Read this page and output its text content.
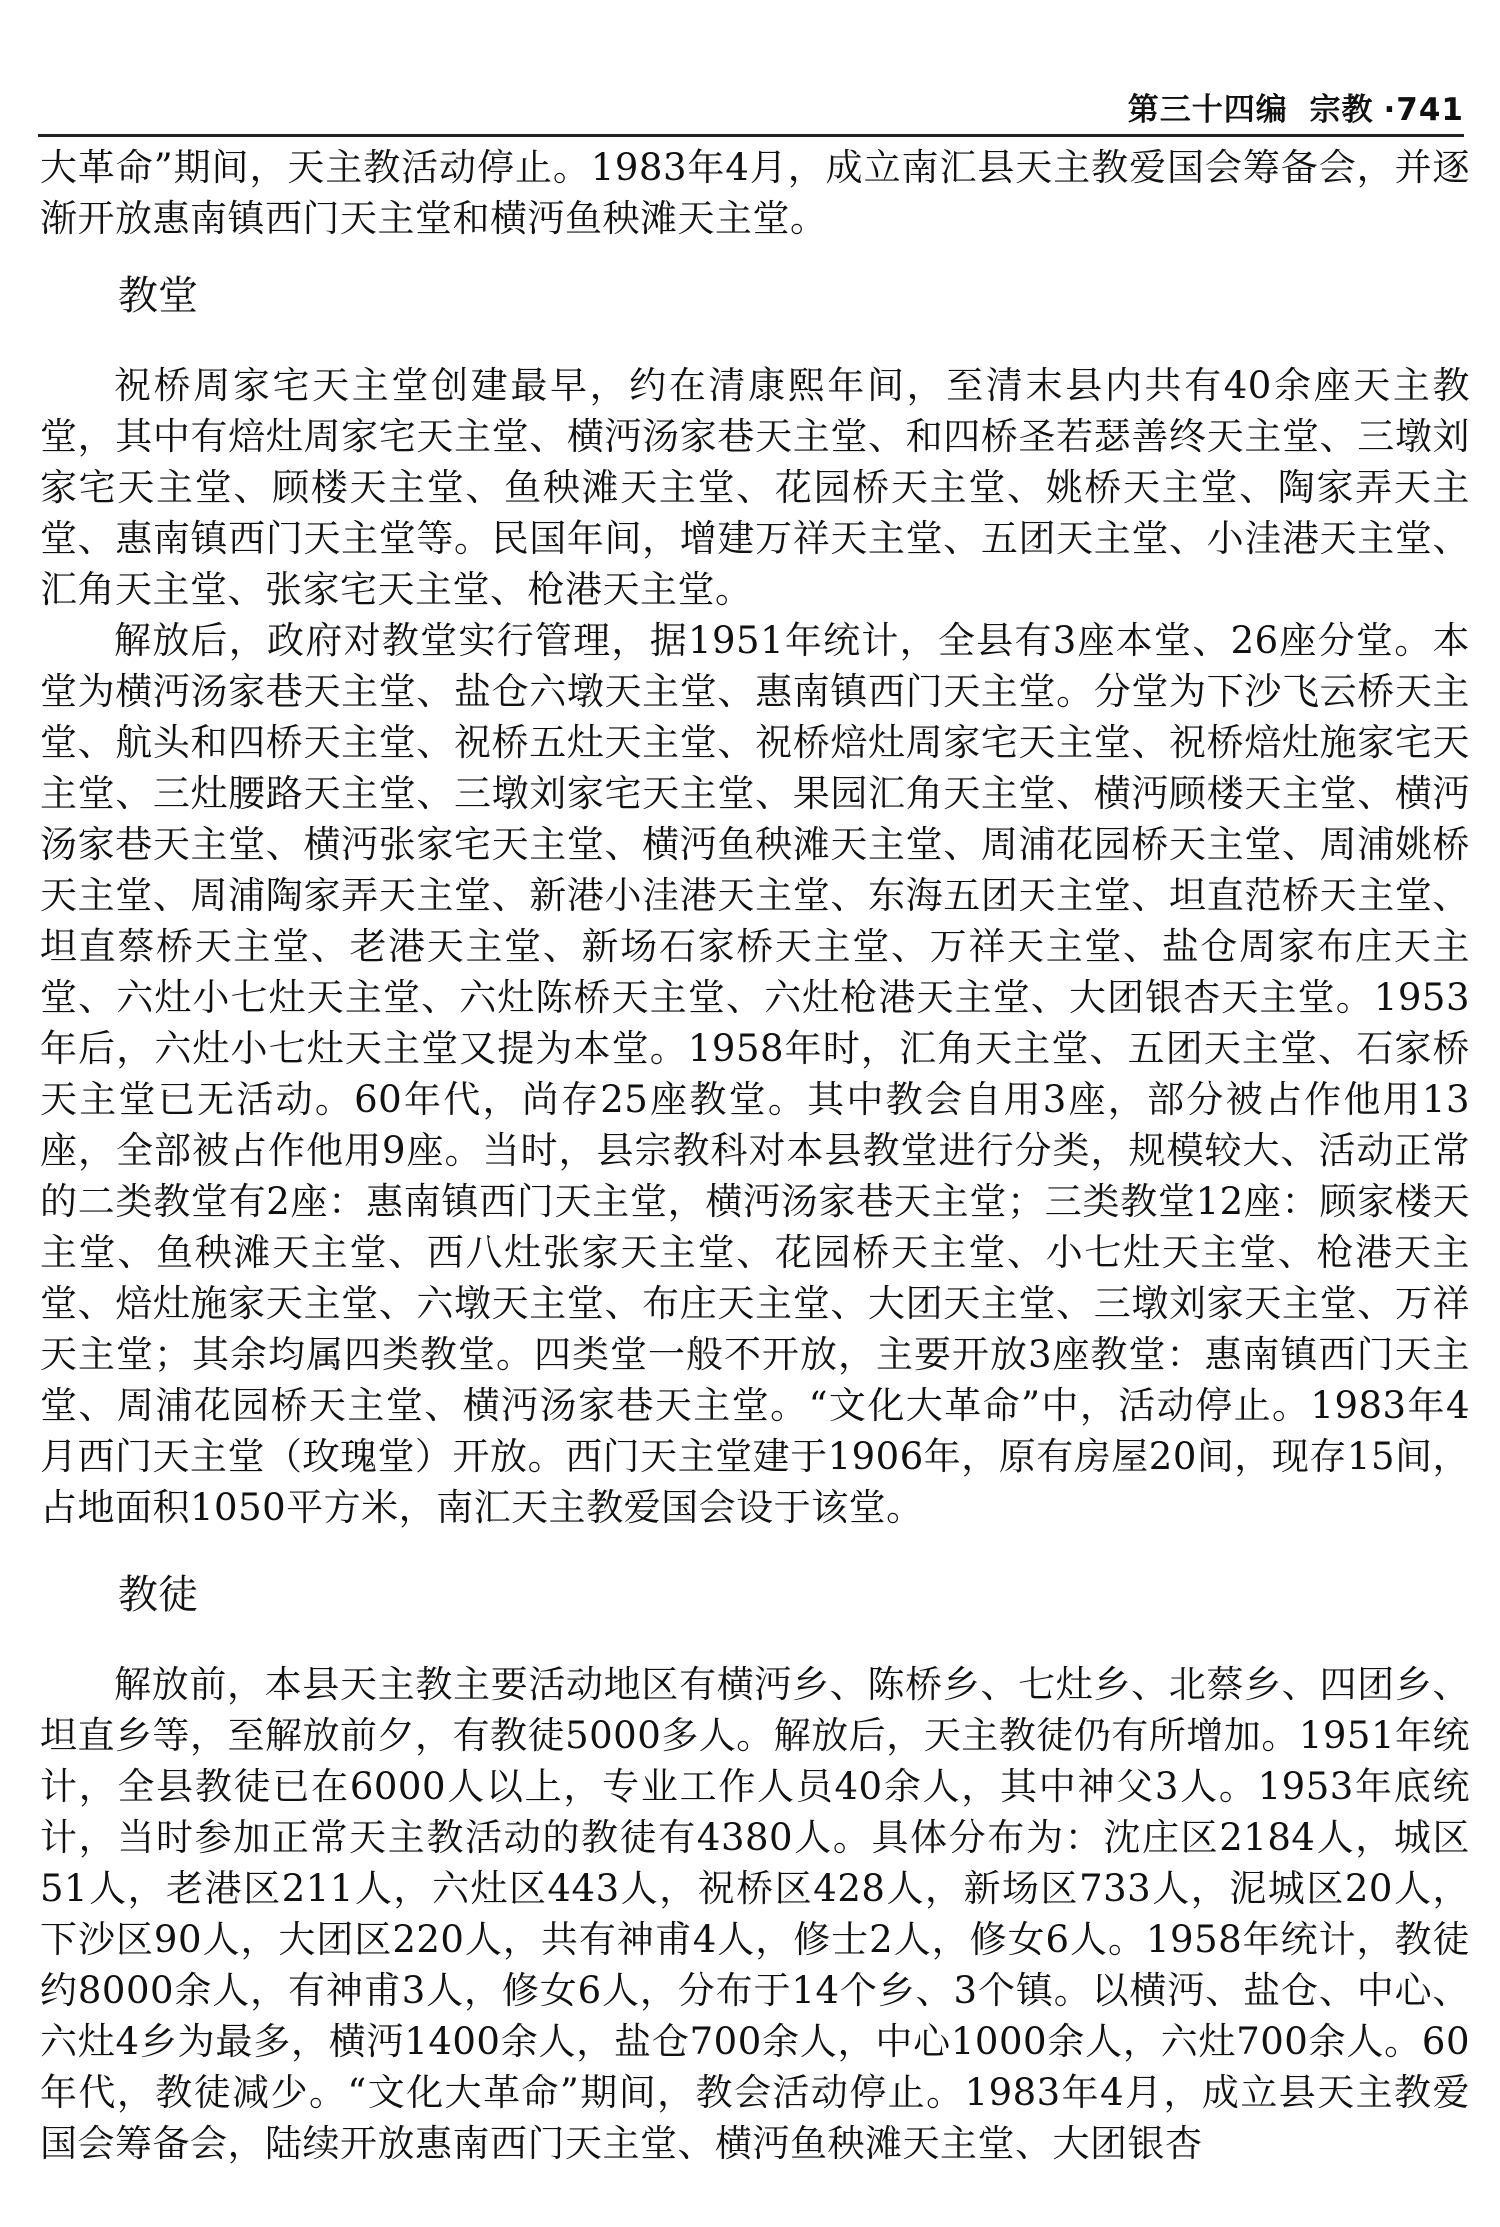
第三十四编 宗教 ·741

大革命”期间，天主教活动停止。1983年4月，成立南汇县天主教爱国会筹备会，并逐渐开放惠南镇西门天主堂和横沔鱼秧滩天主堂。

教堂

祝桥周家宅天主堂创建最早，约在清康熙年间，至清末县内共有40余座天主教堂，其中有焙灶周家宅天主堂、横沔汤家巷天主堂、和四桥圣若瑟善终天主堂、三墩刘家宅天主堂、顾楼天主堂、鱼秧滩天主堂、花园桥天主堂、姚桥天主堂、陶家弄天主堂、惠南镇西门天主堂等。民国年间，增建万祥天主堂、五团天主堂、小洼港天主堂、汇角天主堂、张家宅天主堂、枪港天主堂。

解放后，政府对教堂实行管理，据1951年统计，全县有3座本堂、26座分堂。本堂为横沔汤家巷天主堂、盐仓六墩天主堂、惠南镇西门天主堂。分堂为下沙飞云桥天主堂、航头和四桥天主堂、祝桥五灶天主堂、祝桥焙灶周家宅天主堂、祝桥焙灶施家宅天主堂、三灶腰路天主堂、三墩刘家宅天主堂、果园汇角天主堂、横沔顾楼天主堂、横沔汤家巷天主堂、横沔张家宅天主堂、横沔鱼秧滩天主堂、周浦花园桥天主堂、周浦姚桥天主堂、周浦陶家弄天主堂、新港小洼港天主堂、东海五团天主堂、坦直范桥天主堂、坦直蔡桥天主堂、老港天主堂、新场石家桥天主堂、万祥天主堂、盐仓周家布庄天主堂、六灶小七灶天主堂、六灶陈桥天主堂、六灶枪港天主堂、大团银杏天主堂。1953年后，六灶小七灶天主堂又提为本堂。1958年时，汇角天主堂、五团天主堂、石家桥天主堂已无活动。60年代，尚存25座教堂。其中教会自用3座，部分被占作他用13座，全部被占作他用9座。当时，县宗教科对本县教堂进行分类，规模较大、活动正常的二类教堂有2座：惠南镇西门天主堂，横沔汤家巷天主堂；三类教堂12座：顾家楼天主堂、鱼秧滩天主堂、西八灶张家天主堂、花园桥天主堂、小七灶天主堂、枪港天主堂、焙灶施家天主堂、六墩天主堂、布庄天主堂、大团天主堂、三墩刘家天主堂、万祥天主堂；其余均属四类教堂。四类堂一般不开放，主要开放3座教堂：惠南镇西门天主堂、周浦花园桥天主堂、横沔汤家巷天主堂。“文化大革命”中，活动停止。1983年4月西门天主堂（玫瑰堂）开放。西门天主堂建于1906年，原有房屋20间，现存15间，占地面积1050平方米，南汇天主教爱国会设于该堂。

教徒

解放前，本县天主教主要活动地区有横沔乡、陈桥乡、七灶乡、北蔡乡、四团乡、坦直乡等，至解放前夕，有教徒5000多人。解放后，天主教徒仍有所增加。1951年统计，全县教徒已在6000人以上，专业工作人员40余人，其中神父3人。1953年底统计，当时参加正常天主教活动的教徒有4380人。具体分布为：沈庄区2184人，城区51人，老港区211人，六灶区443人，祝桥区428人，新场区733人，泥城区20人，下沙区90人，大团区220人，共有神甫4人，修士2人，修女6人。1958年统计，教徒约8000余人，有神甫3人，修女6人，分布于14个乡、3个镇。以横沔、盐仓、中心、六灶4乡为最多，横沔1400余人，盐仓700余人，中心1000余人，六灶700余人。60年代，教徒减少。“文化大革命”期间，教会活动停止。1983年4月，成立县天主教爱国会筹备会，陆续开放惠南西门天主堂、横沔鱼秧滩天主堂、大团银杏
